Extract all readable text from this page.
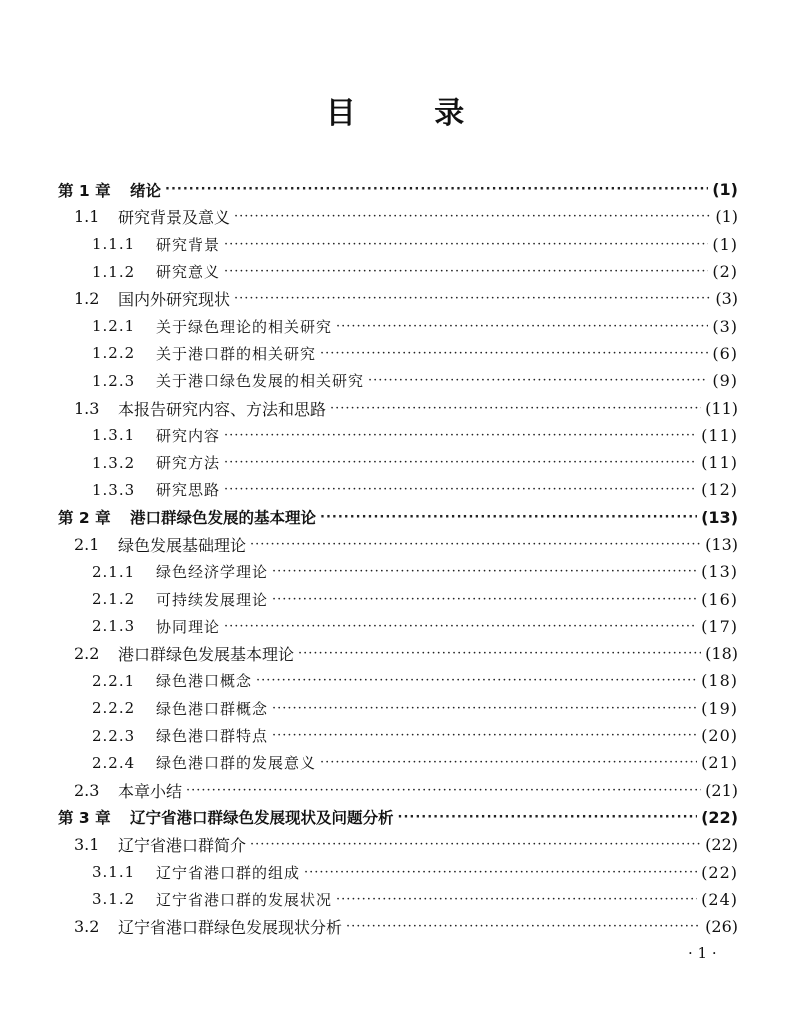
目	录
第 1 章	绪论 ·····	(1)
1.1	研究背景及意义 ·····	(1)
1.1.1	研究背景 ·····	(1)
1.1.2	研究意义 ·····	(2)
1.2	国内外研究现状 ·····	(3)
1.2.1	关于绿色理论的相关研究 ·····	(3)
1.2.2	关于港口群的相关研究 ·····	(6)
1.2.3	关于港口绿色发展的相关研究 ·····	(9)
1.3	本报告研究内容、方法和思路 ·····	(11)
1.3.1	研究内容 ·····	(11)
1.3.2	研究方法 ·····	(11)
1.3.3	研究思路 ·····	(12)
第 2 章	港口群绿色发展的基本理论 ·····	(13)
2.1	绿色发展基础理论 ·····	(13)
2.1.1	绿色经济学理论 ·····	(13)
2.1.2	可持续发展理论 ·····	(16)
2.1.3	协同理论 ·····	(17)
2.2	港口群绿色发展基本理论 ·····	(18)
2.2.1	绿色港口概念 ·····	(18)
2.2.2	绿色港口群概念 ·····	(19)
2.2.3	绿色港口群特点 ·····	(20)
2.2.4	绿色港口群的发展意义 ·····	(21)
2.3	本章小结 ·····	(21)
第 3 章	辽宁省港口群绿色发展现状及问题分析 ·····	(22)
3.1	辽宁省港口群简介 ·····	(22)
3.1.1	辽宁省港口群的组成 ·····	(22)
3.1.2	辽宁省港口群的发展状况 ·····	(24)
3.2	辽宁省港口群绿色发展现状分析 ·····	(26)
· 1 ·
